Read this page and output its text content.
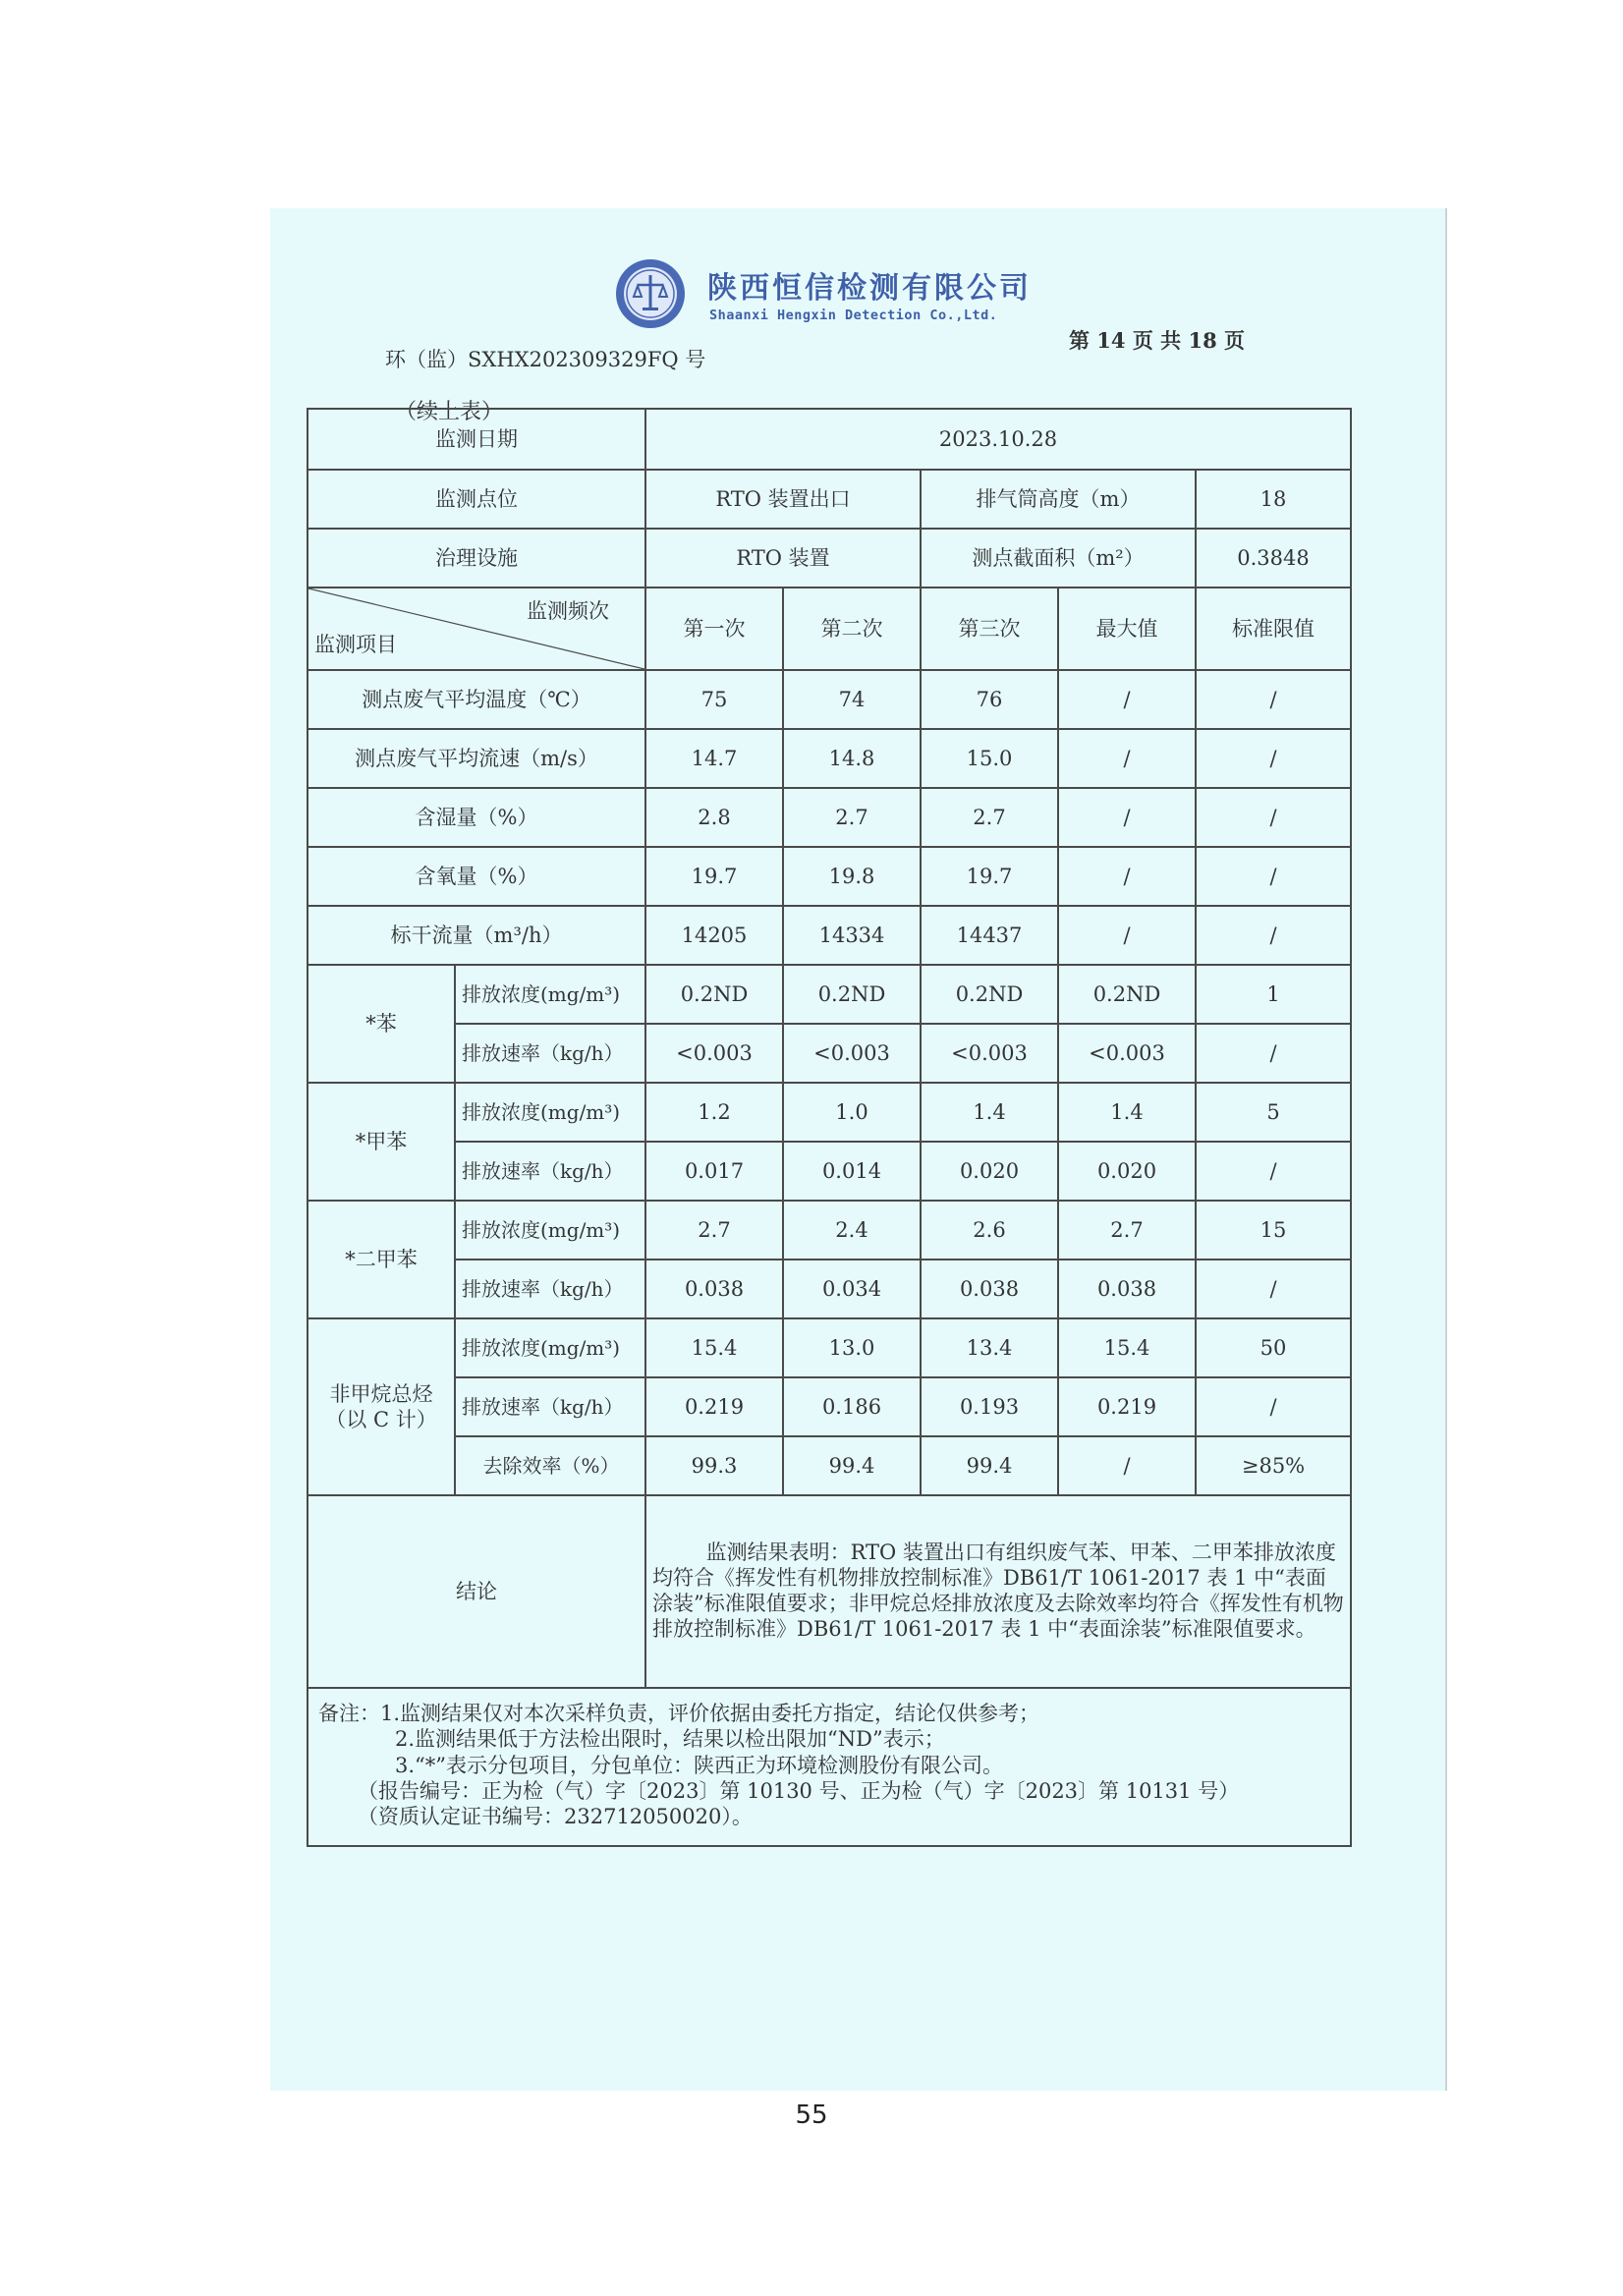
陕西恒信检测有限公司
Shaanxi Hengxin Detection Co.,Ltd.
环（监）SXHX202309329FQ 号
第 14 页 共 18 页
（续上表）
监测日期		2023.10.28				
监测点位		RTO 装置出口		排气筒高度（m）		18
治理设施		RTO 装置		测点截面积（m²）		0.3848

监测频次
监测项目		第一次	第二次	第三次	最大值	标准限值
测点废气平均温度（℃）		75	74	76	/	/
测点废气平均流速（m/s）		14.7	14.8	15.0	/	/
含湿量（%）		2.8	2.7	2.7	/	/
含氧量（%）		19.7	19.8	19.7	/	/
标干流量（m³/h）		14205	14334	14437	/	/
*苯	排放浓度(mg/m³)	0.2ND	0.2ND	0.2ND	0.2ND	1
	排放速率（kg/h）	<0.003	<0.003	<0.003	<0.003	/
*甲苯	排放浓度(mg/m³)	1.2	1.0	1.4	1.4	5
	排放速率（kg/h）	0.017	0.014	0.020	0.020	/
*二甲苯	排放浓度(mg/m³)	2.7	2.4	2.6	2.7	15
	排放速率（kg/h）	0.038	0.034	0.038	0.038	/

非甲烷总烃
（以 C 计）	排放浓度(mg/m³)	15.4	13.0	13.4	15.4	50
	排放速率（kg/h）	0.219	0.186	0.193	0.219	/
	去除效率（%）	99.3	99.4	99.4	/	≥85%
结论		监测结果表明：RTO 装置出口有组织废气苯、甲苯、二甲苯排放浓度均符合《挥发性有机物排放控制标准》DB61/T 1061-2017 表 1 中“表面涂装”标准限值要求；非甲烷总烃排放浓度及去除效率均符合《挥发性有机物排放控制标准》DB61/T 1061-2017 表 1 中“表面涂装”标准限值要求。				

备注：1.监测结果仅对本次采样负责，评价依据由委托方指定，结论仅供参考；
2.监测结果低于方法检出限时，结果以检出限加“ND”表示；
3.“*”表示分包项目，分包单位：陕西正为环境检测股份有限公司。
（报告编号：正为检（气）字〔2023〕第 10130 号、正为检（气）字〔2023〕第 10131 号）
（资质认定证书编号：232712050020）。						
55
